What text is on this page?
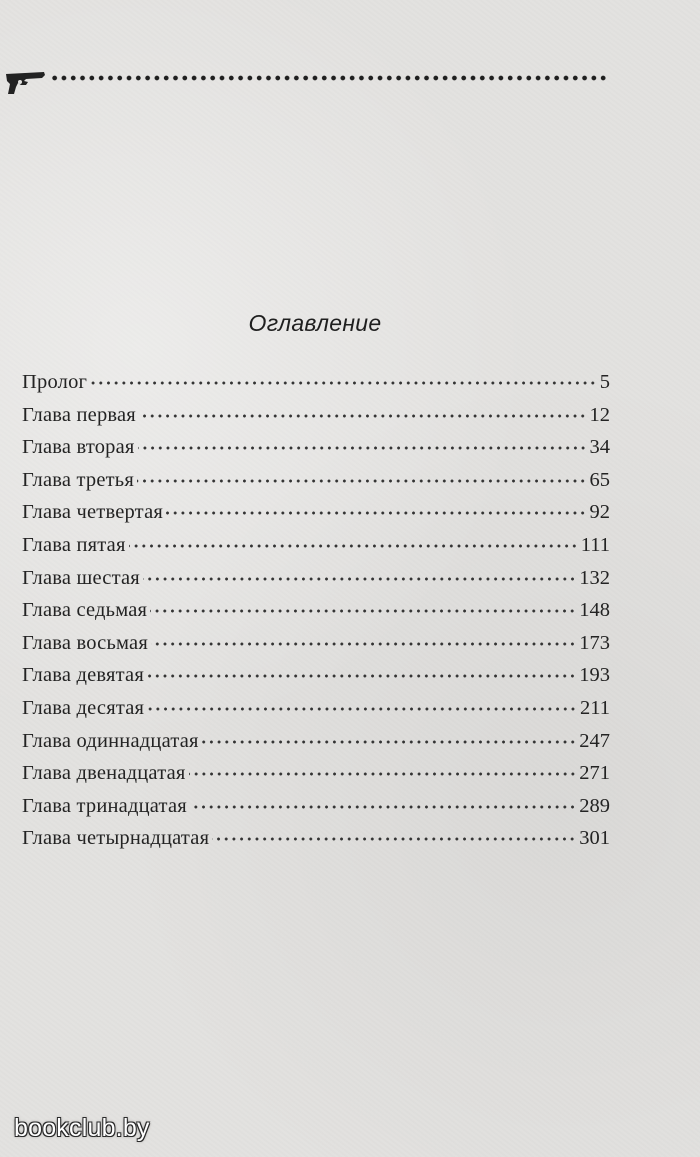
Оглавление
Пролог	5
Глава первая	12
Глава вторая	34
Глава третья	65
Глава четвертая	92
Глава пятая	111
Глава шестая	132
Глава седьмая	148
Глава восьмая	173
Глава девятая	193
Глава десятая	211
Глава одиннадцатая	247
Глава двенадцатая	271
Глава тринадцатая	289
Глава четырнадцатая	301
bookclub.by
